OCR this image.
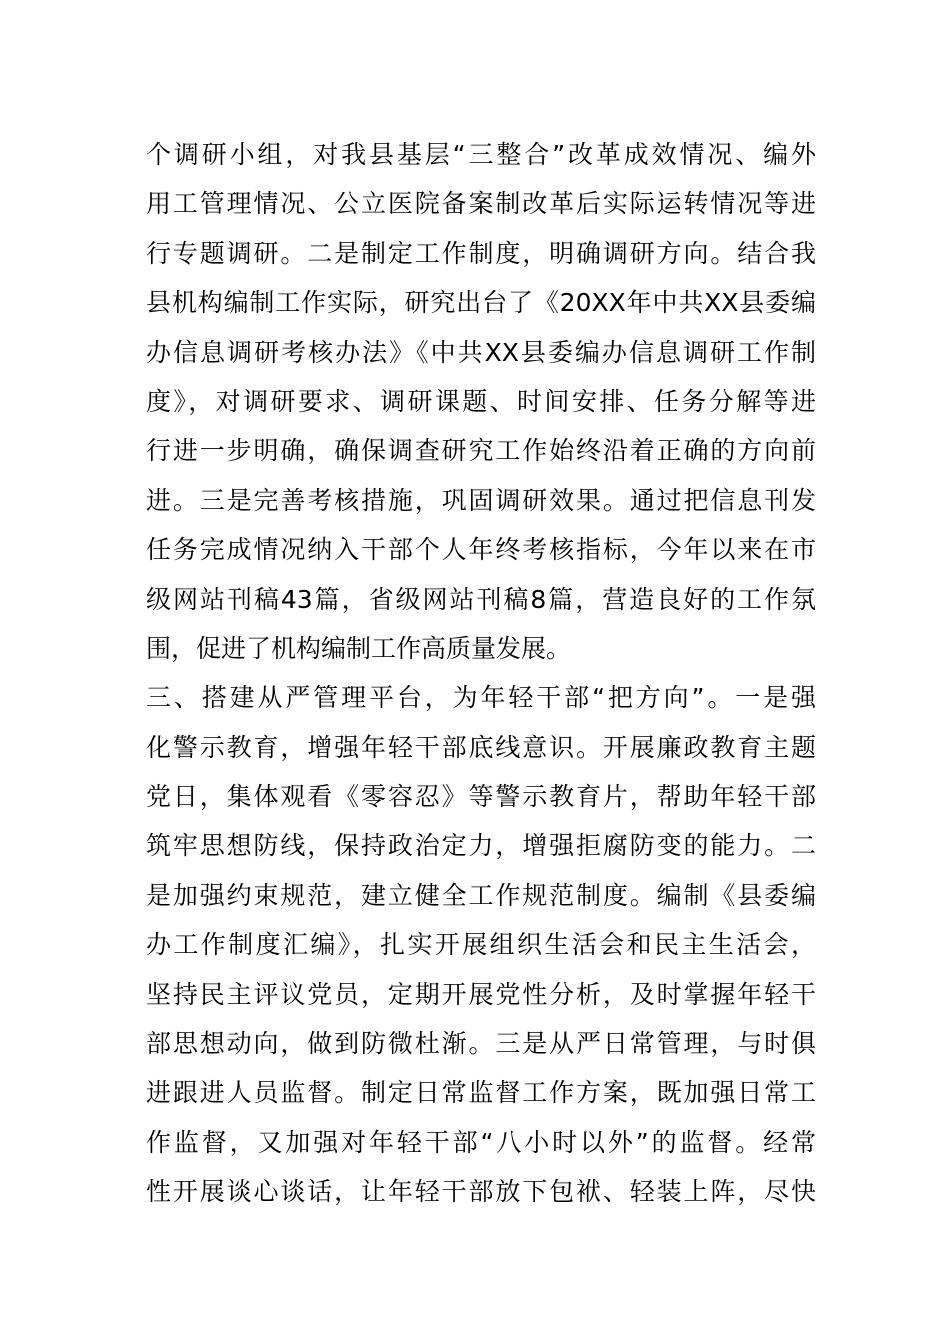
个调研小组，对我县基层“三整合”改革成效情况、编外
用工管理情况、公立医院备案制改革后实际运转情况等进
行专题调研。二是制定工作制度，明确调研方向。结合我
县机构编制工作实际，研究出台了《20XX年中共XX县委编
办信息调研考核办法》《中共XX县委编办信息调研工作制
度》，对调研要求、调研课题、时间安排、任务分解等进
行进一步明确，确保调查研究工作始终沿着正确的方向前
进。三是完善考核措施，巩固调研效果。通过把信息刊发
任务完成情况纳入干部个人年终考核指标，今年以来在市
级网站刊稿43篇，省级网站刊稿8篇，营造良好的工作氛
围，促进了机构编制工作高质量发展。
三、搭建从严管理平台，为年轻干部“把方向”。一是强
化警示教育，增强年轻干部底线意识。开展廉政教育主题
党日，集体观看《零容忍》等警示教育片，帮助年轻干部
筑牢思想防线，保持政治定力，增强拒腐防变的能力。二
是加强约束规范，建立健全工作规范制度。编制《县委编
办工作制度汇编》，扎实开展组织生活会和民主生活会，
坚持民主评议党员，定期开展党性分析，及时掌握年轻干
部思想动向，做到防微杜渐。三是从严日常管理，与时俱
进跟进人员监督。制定日常监督工作方案，既加强日常工
作监督，又加强对年轻干部“八小时以外”的监督。经常
性开展谈心谈话，让年轻干部放下包袱、轻装上阵，尽快
